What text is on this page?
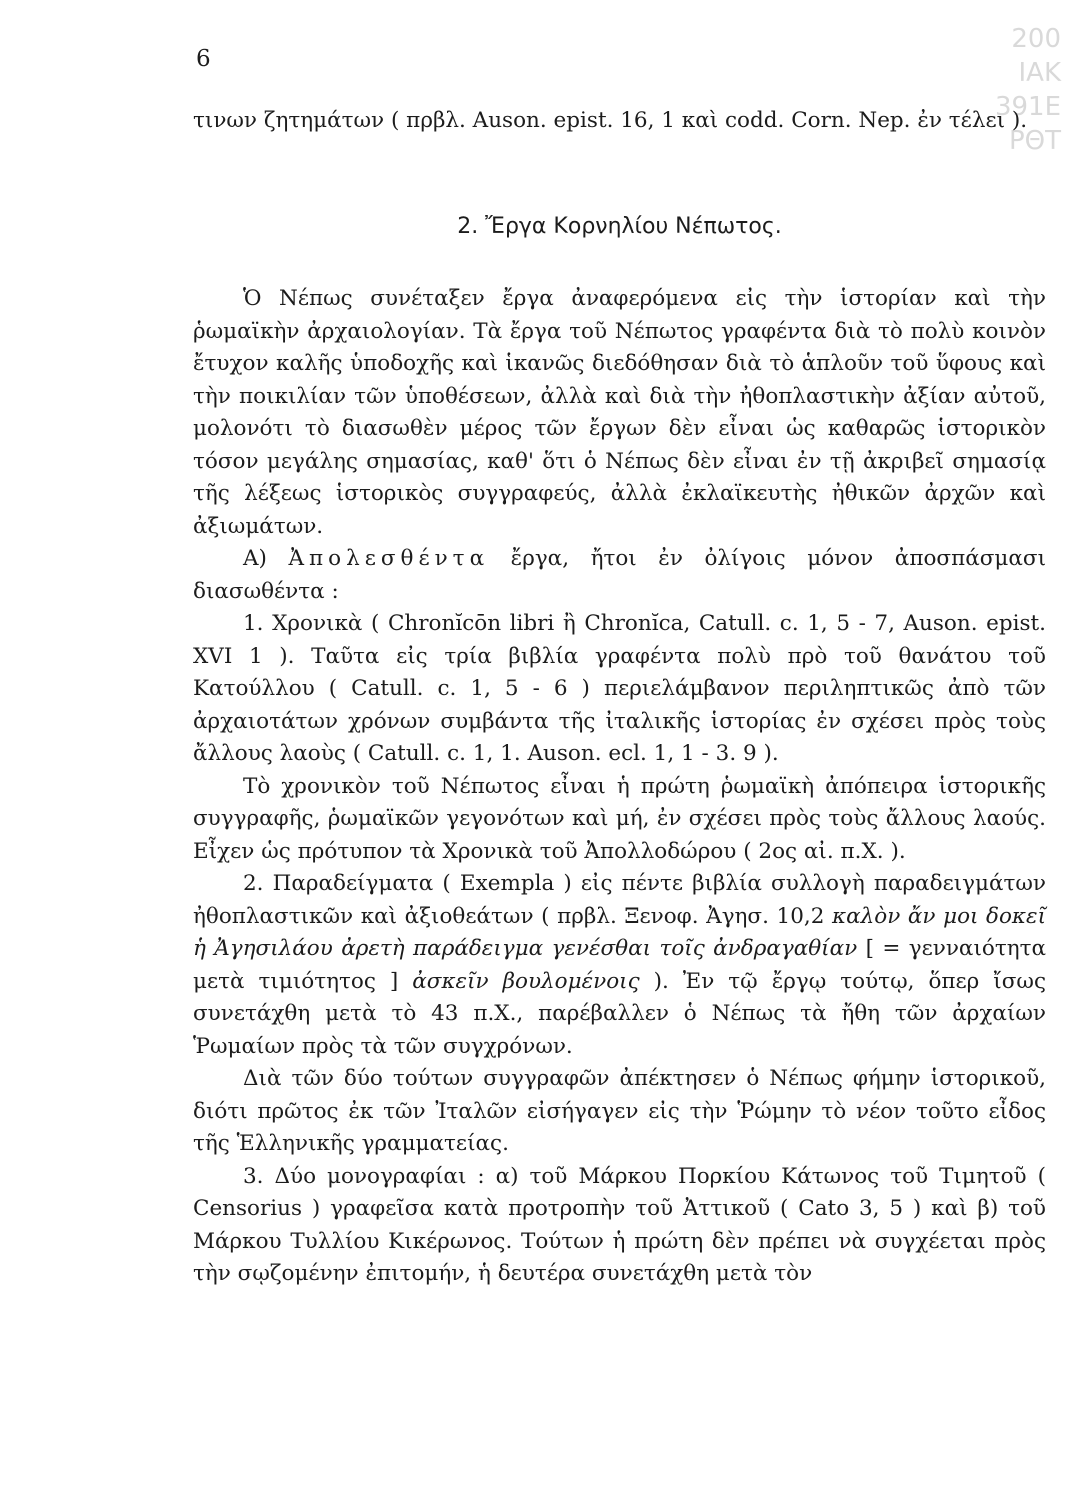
200
ΙΑΚ
391Ε
ΡΘΤ
6

τινων ζητημάτων ( πρβλ. Auson. epist. 16, 1 καὶ codd. Corn. Nep. ἐν τέλει ).

2. Ἔργα Κορνηλίου Νέπωτος.

Ὁ Νέπως συνέταξεν ἔργα ἀναφερόμενα εἰς τὴν ἱστορίαν καὶ τὴν ῥωμαϊκὴν ἀρχαιολογίαν. Τὰ ἔργα τοῦ Νέπωτος γραφέντα διὰ τὸ πολὺ κοινὸν ἔτυχον καλῆς ὑποδοχῆς καὶ ἱκανῶς διεδόθησαν διὰ τὸ ἁπλοῦν τοῦ ὕφους καὶ τὴν ποικιλίαν τῶν ὑποθέσεων, ἀλλὰ καὶ διὰ τὴν ἠθοπλαστικὴν ἀξίαν αὐτοῦ, μολονότι τὸ διασωθὲν μέρος τῶν ἔργων δὲν εἶναι ὡς καθαρῶς ἱστορικὸν τόσον μεγάλης σημασίας, καθ' ὅτι ὁ Νέπως δὲν εἶναι ἐν τῇ ἀκριβεῖ σημασίᾳ τῆς λέξεως ἱστορικὸς συγγραφεύς, ἀλλὰ ἐκλαϊκευτὴς ἠθικῶν ἀρχῶν καὶ ἀξιωμάτων.

Α) Ἀπολεσθέντα ἔργα, ἤτοι ἐν ὀλίγοις μόνον ἀποσπάσμασι διασωθέντα :

1. Χρονικὰ ( Chronĭcōn libri ἢ Chronĭca, Catull. c. 1, 5 - 7, Auson. epist. XVI 1 ). Ταῦτα εἰς τρία βιβλία γραφέντα πολὺ πρὸ τοῦ θανάτου τοῦ Κατούλλου ( Catull. c. 1, 5 - 6 ) περιελάμβανον περιληπτικῶς ἀπὸ τῶν ἀρχαιοτάτων χρόνων συμβάντα τῆς ἰταλικῆς ἱστορίας ἐν σχέσει πρὸς τοὺς ἄλλους λαοὺς ( Catull. c. 1, 1. Auson. ecl. 1, 1 - 3. 9 ).

Τὸ χρονικὸν τοῦ Νέπωτος εἶναι ἡ πρώτη ῥωμαϊκὴ ἀπόπειρα ἱστορικῆς συγγραφῆς, ῥωμαϊκῶν γεγονότων καὶ μή, ἐν σχέσει πρὸς τοὺς ἄλλους λαούς. Εἶχεν ὡς πρότυπον τὰ Χρονικὰ τοῦ Ἀπολλοδώρου ( 2ος αἰ. π.Χ. ).

2. Παραδείγματα ( Exempla ) εἰς πέντε βιβλία συλλογὴ παραδειγμάτων ἠθοπλαστικῶν καὶ ἀξιοθεάτων ( πρβλ. Ξενοφ. Ἀγησ. 10,2 καλὸν ἄν μοι δοκεῖ ἡ Ἀγησιλάου ἀρετὴ παράδειγμα γενέσθαι τοῖς ἀνδραγαθίαν [ = γενναιότητα μετὰ τιμιότητος ] ἀσκεῖν βουλομένοις ). Ἐν τῷ ἔργῳ τούτῳ, ὅπερ ἴσως συνετάχθη μετὰ τὸ 43 π.Χ., παρέβαλλεν ὁ Νέπως τὰ ἤθη τῶν ἀρχαίων Ῥωμαίων πρὸς τὰ τῶν συγχρόνων.

Διὰ τῶν δύο τούτων συγγραφῶν ἀπέκτησεν ὁ Νέπως φήμην ἱστορικοῦ, διότι πρῶτος ἐκ τῶν Ἰταλῶν εἰσήγαγεν εἰς τὴν Ῥώμην τὸ νέον τοῦτο εἶδος τῆς Ἑλληνικῆς γραμματείας.

3. Δύο μονογραφίαι : α) τοῦ Μάρκου Πορκίου Κάτωνος τοῦ Τιμητοῦ ( Censorius ) γραφεῖσα κατὰ προτροπὴν τοῦ Ἀττικοῦ ( Cato 3, 5 ) καὶ β) τοῦ Μάρκου Τυλλίου Κικέρωνος. Τούτων ἡ πρώτη δὲν πρέπει νὰ συγχέεται πρὸς τὴν σῳζομένην ἐπιτομήν, ἡ δευτέρα συνετάχθη μετὰ τὸν
